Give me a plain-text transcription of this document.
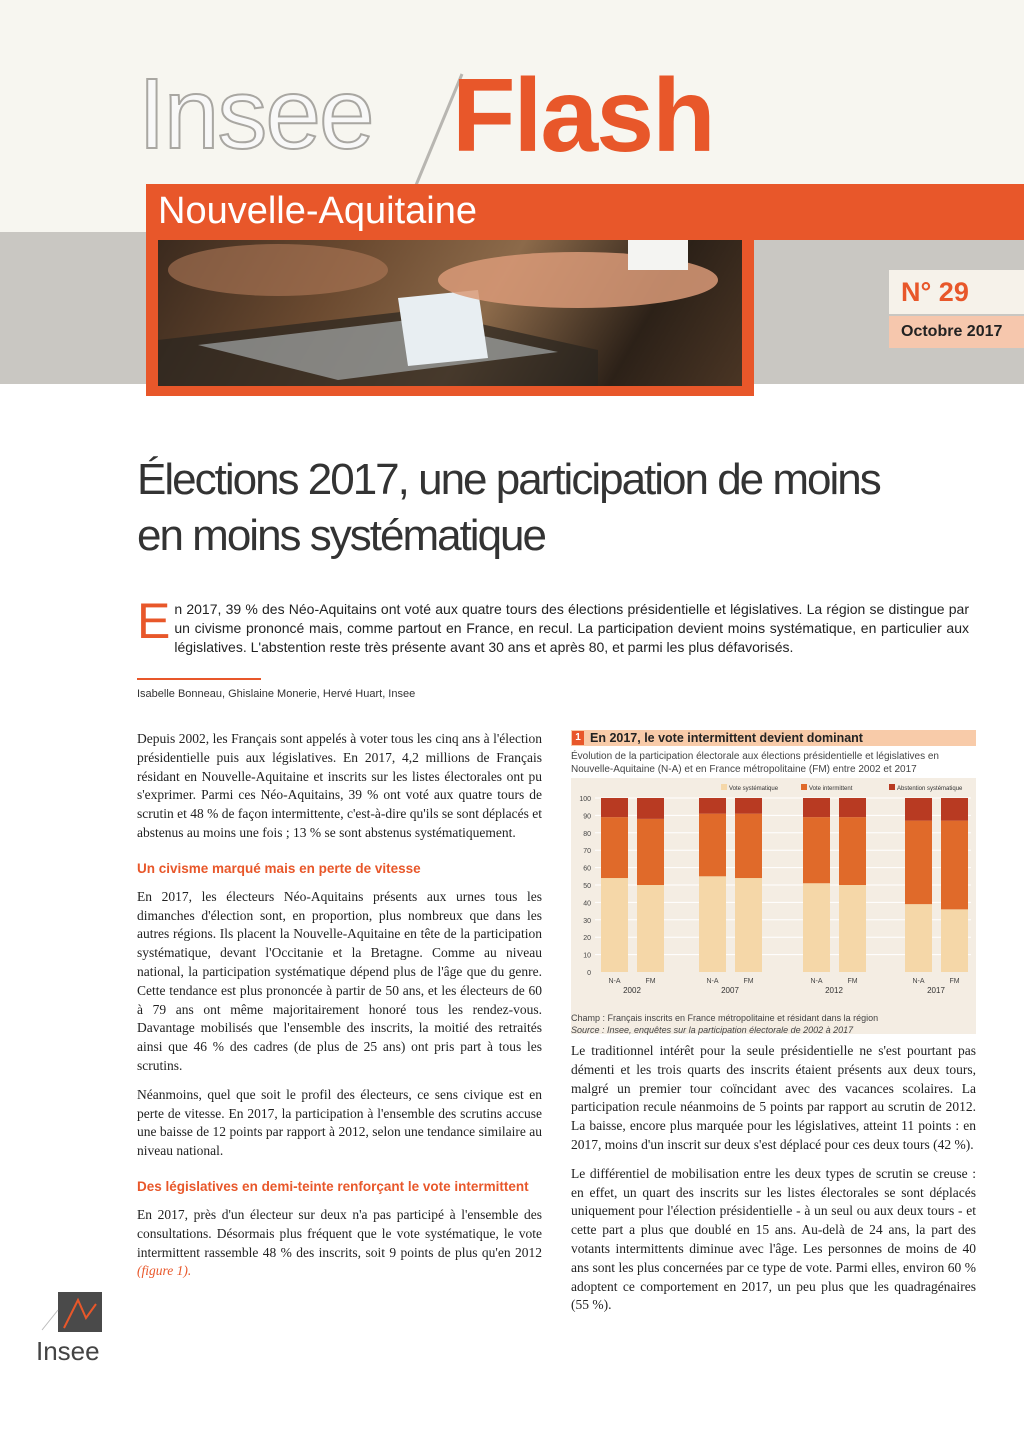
Insee Flash
Nouvelle-Aquitaine
N° 29
Octobre 2017
Élections 2017, une participation de moins en moins systématique

En 2017, 39 % des Néo-Aquitains ont voté aux quatre tours des élections présidentielle et législatives. La région se distingue par un civisme prononcé mais, comme partout en France, en recul. La participation devient moins systématique, en particulier aux législatives. L'abstention reste très présente avant 30 ans et après 80, et parmi les plus défavorisés.

Isabelle Bonneau, Ghislaine Monerie, Hervé Huart, Insee

Depuis 2002, les Français sont appelés à voter tous les cinq ans à l'élection présidentielle puis aux législatives. En 2017, 4,2 millions de Français résidant en Nouvelle-Aquitaine et inscrits sur les listes électorales ont pu s'exprimer. Parmi ces Néo-Aquitains, 39 % ont voté aux quatre tours de scrutin et 48 % de façon intermittente, c'est-à-dire qu'ils se sont déplacés et abstenus au moins une fois ; 13 % se sont abstenus systématiquement.

Un civisme marqué mais en perte de vitesse

En 2017, les électeurs Néo-Aquitains présents aux urnes tous les dimanches d'élection sont, en proportion, plus nombreux que dans les autres régions. Ils placent la Nouvelle-Aquitaine en tête de la participation systématique, devant l'Occitanie et la Bretagne. Comme au niveau national, la participation systématique dépend plus de l'âge que du genre. Cette tendance est plus prononcée à partir de 50 ans, et les électeurs de 60 à 79 ans ont même majoritairement honoré tous les rendez-vous. Davantage mobilisés que l'ensemble des inscrits, la moitié des retraités ainsi que 46 % des cadres (de plus de 25 ans) ont pris part à tous les scrutins.

Néanmoins, quel que soit le profil des électeurs, ce sens civique est en perte de vitesse. En 2017, la participation à l'ensemble des scrutins accuse une baisse de 12 points par rapport à 2012, selon une tendance similaire au niveau national.

Des législatives en demi-teinte renforçant le vote intermittent

En 2017, près d'un électeur sur deux n'a pas participé à l'ensemble des consultations. Désormais plus fréquent que le vote systématique, le vote intermittent rassemble 48 % des inscrits, soit 9 points de plus qu'en 2012 (figure 1).

1 En 2017, le vote intermittent devient dominant
Évolution de la participation électorale aux élections présidentielle et législatives en Nouvelle-Aquitaine (N-A) et en France métropolitaine (FM) entre 2002 et 2017
0
10
20
30
40
50
60
70
80
90
100
N-A	FM	N-A	FM	N-A	FM	N-A	FM
2002	2007	2012	2017
Vote systématique	Vote intermittent	Abstention systématique
Champ : Français inscrits en France métropolitaine et résidant dans la région
Source : Insee, enquêtes sur la participation électorale de 2002 à 2017

Le traditionnel intérêt pour la seule présidentielle ne s'est pourtant pas démenti et les trois quarts des inscrits étaient présents aux deux tours, malgré un premier tour coïncidant avec des vacances scolaires. La participation recule néanmoins de 5 points par rapport au scrutin de 2012. La baisse, encore plus marquée pour les législatives, atteint 11 points : en 2017, moins d'un inscrit sur deux s'est déplacé pour ces deux tours (42 %).

Le différentiel de mobilisation entre les deux types de scrutin se creuse : en effet, un quart des inscrits sur les listes électorales se sont déplacés uniquement pour l'élection présidentielle - à un seul ou aux deux tours - et cette part a plus que doublé en 15 ans. Au-delà de 24 ans, la part des votants intermittents diminue avec l'âge. Les personnes de moins de 40 ans sont les plus concernées par ce type de vote. Parmi elles, environ 60 % adoptent ce comportement en 2017, un peu plus que les quadragénaires (55 %).

Insee
